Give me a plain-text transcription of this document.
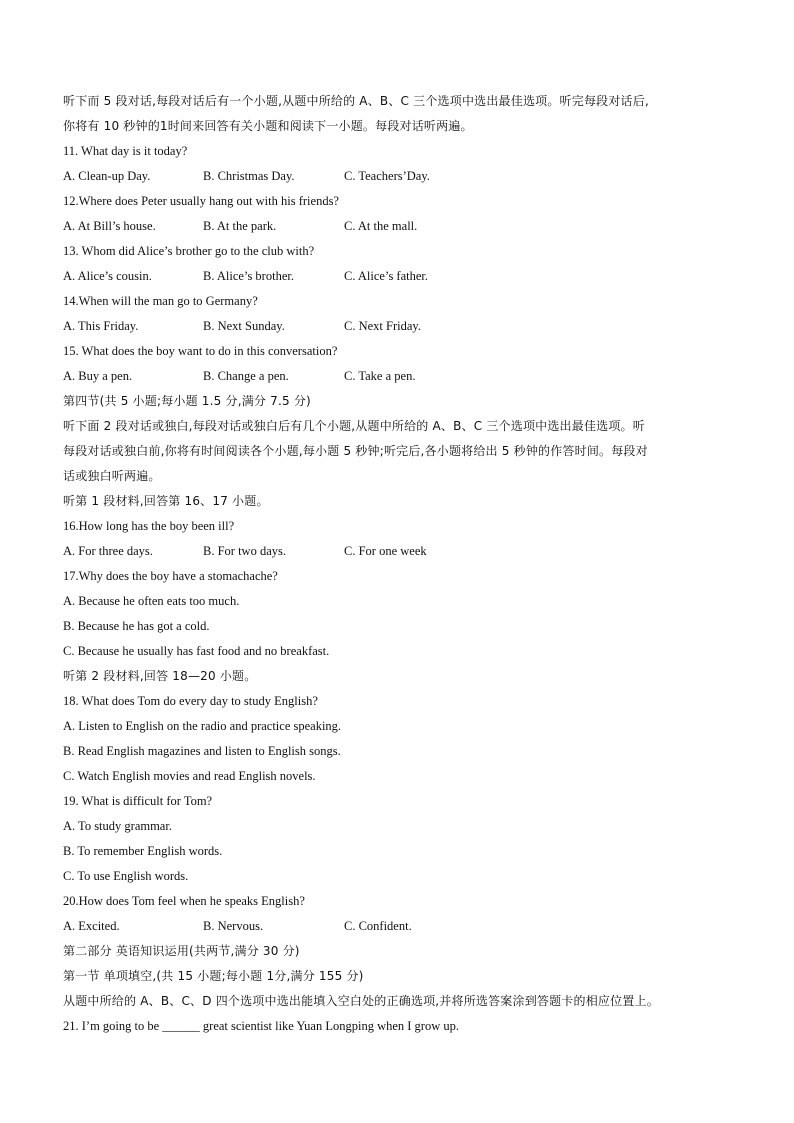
听下而 5 段对话,每段对话后有一个小题,从题中所给的 A、B、C 三个选项中选出最佳选项。听完每段对话后,
你将有 10 秒钟的1时间来回答有关小题和阅读下一小题。每段对话听两遍。
11. What day is it today?
A. Clean-up Day.	B. Christmas Day.	C. Teachers’Day.
12.Where does Peter usually hang out with his friends?
A. At Bill’s house.	B. At the park.	C. At the mall.
13. Whom did Alice’s brother go to the club with?
A. Alice’s cousin.	B. Alice’s brother.	C. Alice’s father.
14.When will the man go to Germany?
A. This Friday.	B. Next Sunday.	C. Next Friday.
15. What does the boy want to do in this conversation?
A. Buy a pen.	B. Change a pen.	C. Take a pen.
第四节(共 5 小题;每小题 1.5 分,满分 7.5 分)
听下面 2 段对话或独白,每段对话或独白后有几个小题,从题中所给的 A、B、C 三个选项中选出最佳选项。听
每段对话或独白前,你将有时间阅读各个小题,每小题 5 秒钟;听完后,各小题将给出 5 秒钟的作答时间。每段对
话或独白听两遍。
听第 1 段材料,回答第 16、17 小题。
16.How long has the boy been ill?
A. For three days.	B. For two days.	C. For one week
17.Why does the boy have a stomachache?
A. Because he often eats too much.
B. Because he has got a cold.
C. Because he usually has fast food and no breakfast.
听第 2 段材料,回答 18—20 小题。
18. What does Tom do every day to study English?
A. Listen to English on the radio and practice speaking.
B. Read English magazines and listen to English songs.
C. Watch English movies and read English novels.
19. What is difficult for Tom?
A. To study grammar.
B. To remember English words.
C. To use English words.
20.How does Tom feel when he speaks English?
A. Excited.	B. Nervous.	C. Confident.
第二部分 英语知识运用(共两节,满分 30 分)
第一节 单项填空,(共 15 小题;每小题 1分,满分 155 分)
从题中所给的 A、B、C、D 四个选项中选出能填入空白处的正确选项,并将所选答案涂到答题卡的相应位置上。
21. I’m going to be ______ great scientist like Yuan Longping when I grow up.
